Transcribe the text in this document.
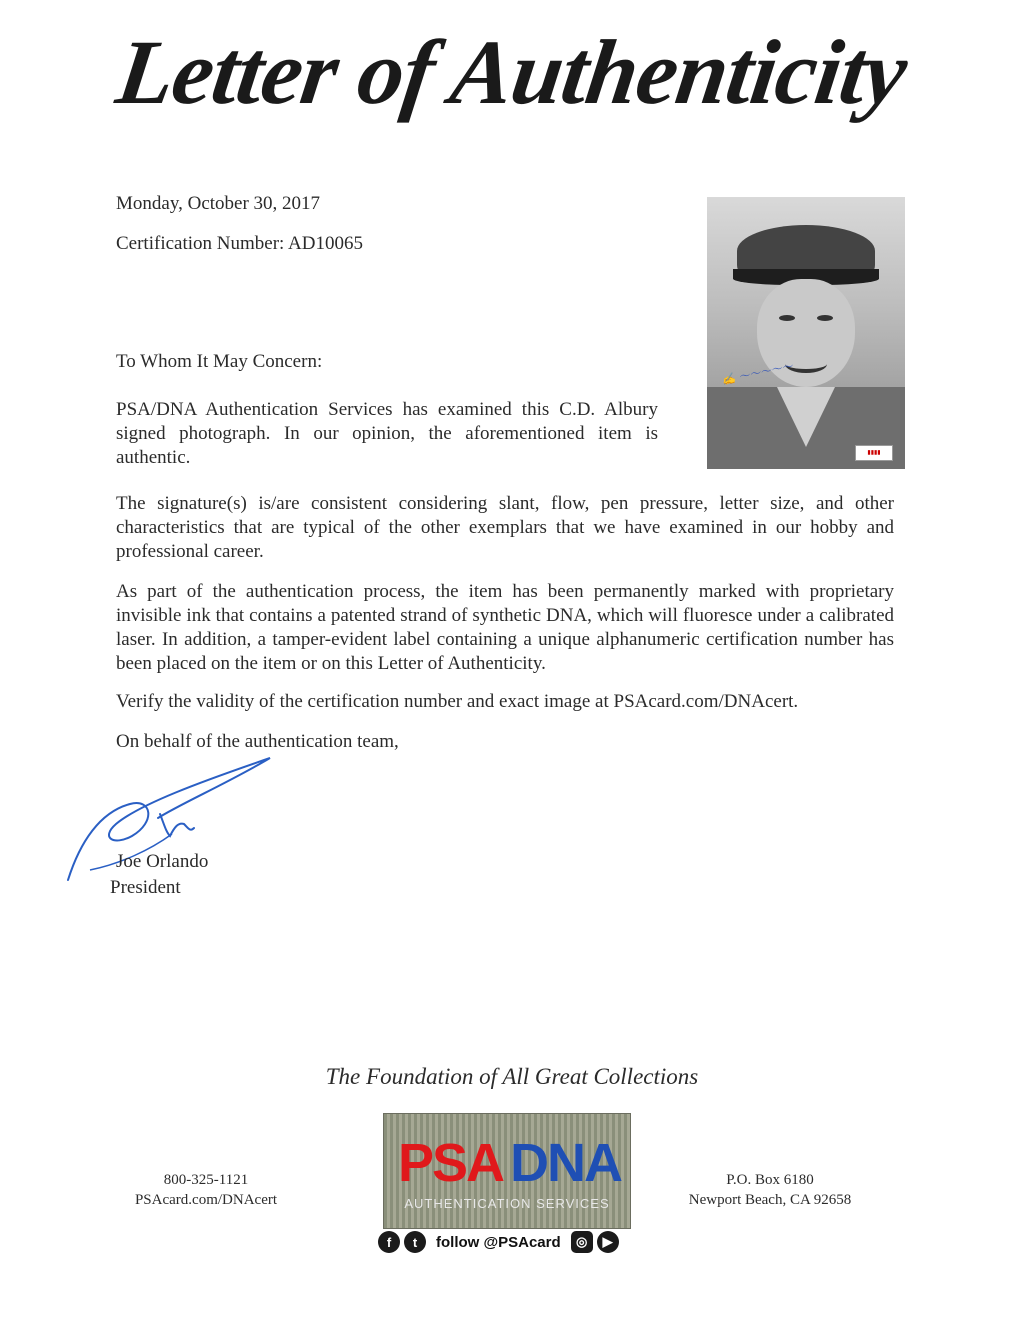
Letter of Authenticity
Monday, October 30, 2017
Certification Number: AD10065
To Whom It May Concern:
PSA/DNA Authentication Services has examined this C.D. Albury signed photograph. In our opinion, the aforementioned item is authentic.
✍ ～～～～～
▮▮▮▮
The signature(s) is/are consistent considering slant, flow, pen pressure, letter size, and other characteristics that are typical of the other exemplars that we have examined in our hobby and professional career.
As part of the authentication process, the item has been permanently marked with proprietary invisible ink that contains a patented strand of synthetic DNA, which will fluoresce under a calibrated laser. In addition, a tamper-evident label containing a unique alphanumeric certification number has been placed on the item or on this Letter of Authenticity.
Verify the validity of the certification number and exact image at PSAcard.com/DNAcert.
On behalf of the authentication team,
Joe Orlando
President
The Foundation of All Great Collections
800-325-1121
PSAcard.com/DNAcert
PSA DNA
AUTHENTICATION SERVICES
f	t	follow @PSAcard	◎	▶
P.O. Box 6180
Newport Beach, CA 92658
